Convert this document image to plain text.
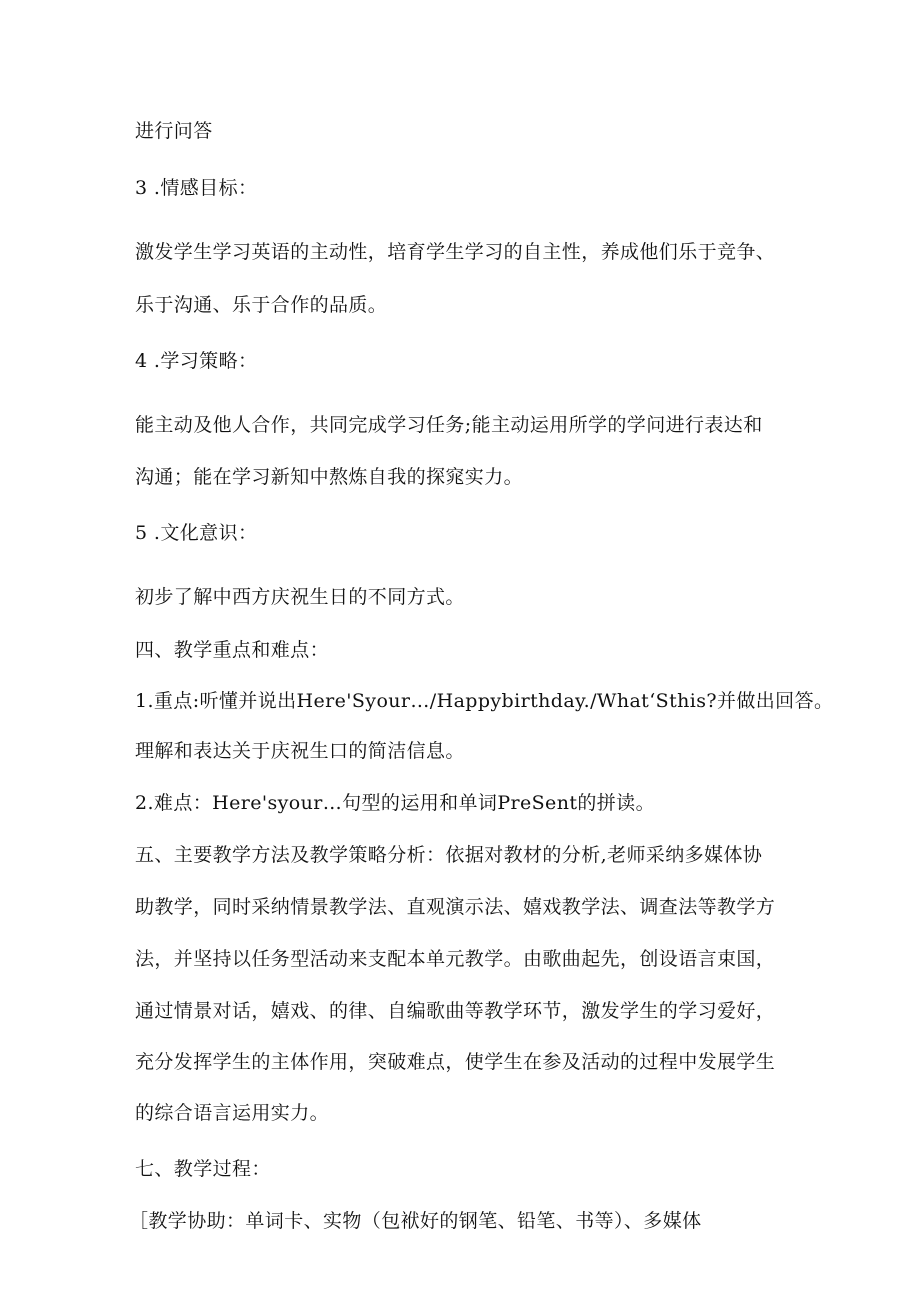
进行问答
3 .情感目标：
激发学生学习英语的主动性，培育学生学习的自主性，养成他们乐于竞争、
乐于沟通、乐于合作的品质。
4 .学习策略：
能主动及他人合作，共同完成学习任务;能主动运用所学的学问进行表达和
沟通；能在学习新知中熬炼自我的探窕实力。
5 .文化意识：
初步了解中西方庆祝生日的不同方式。
四、教学重点和难点：
1.重点:听懂并说出Here'Syour…/Happybirthday./What‘Sthis?并做出回答。
理解和表达关于庆祝生口的简洁信息。
2.难点：Here'syour…句型的运用和单词PreSent的拼读。
五、主要教学方法及教学策略分析：依据对教材的分析,老师采纳多媒体协
助教学，同时采纳情景教学法、直观演示法、嬉戏教学法、调查法等教学方
法，并坚持以任务型活动来支配本单元教学。由歌曲起先，创设语言束国，
通过情景对话，嬉戏、的律、自编歌曲等教学环节，激发学生的学习爱好，
充分发挥学生的主体作用，突破难点，使学生在参及活动的过程中发展学生
的综合语言运用实力。
七、教学过程：
［教学协助：单词卡、实物（包袱好的钢笔、铅笔、书等）、多媒体
